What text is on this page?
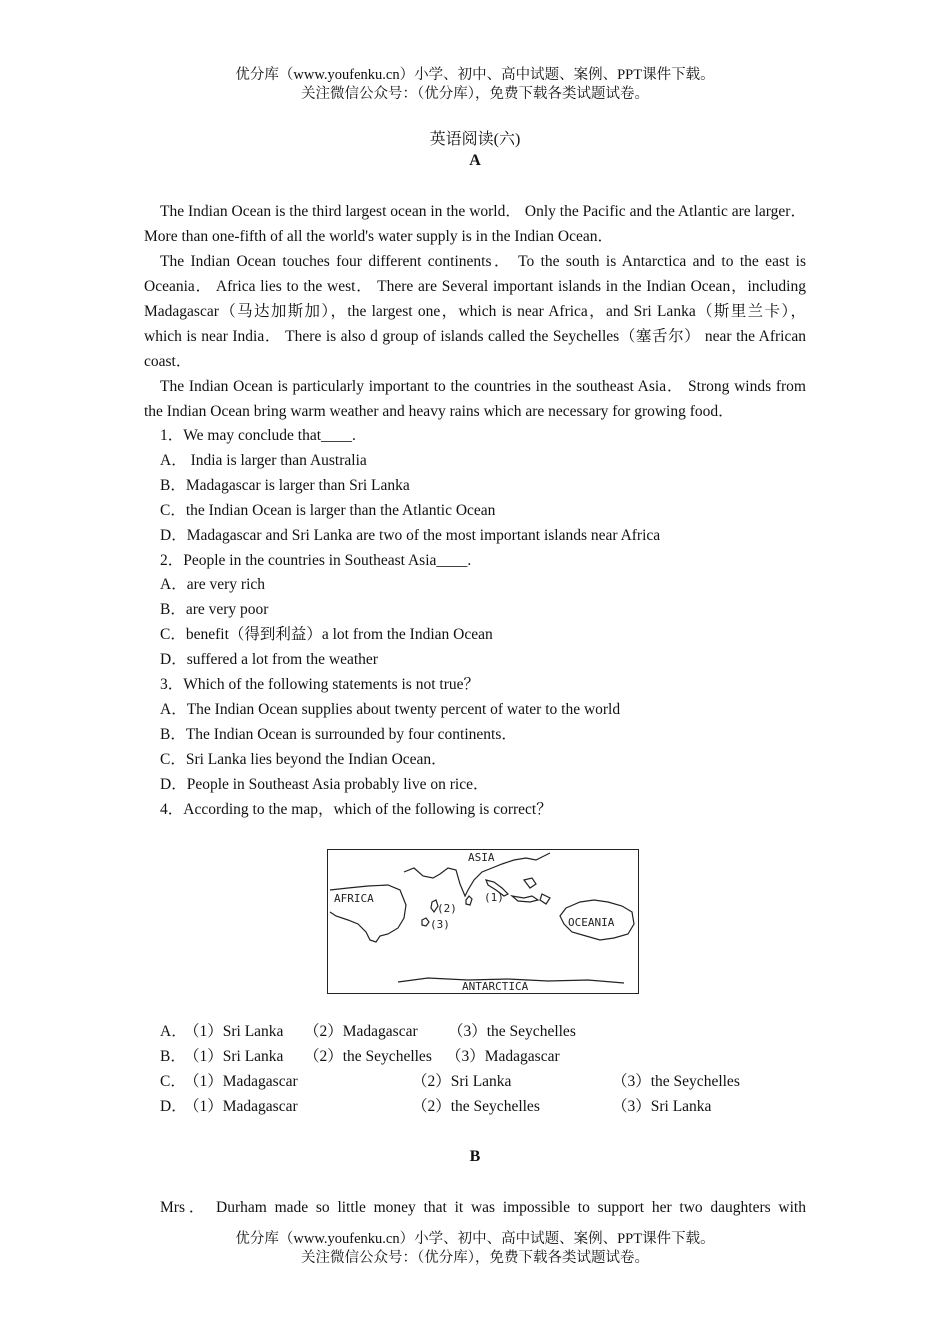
优分库（www.youfenku.cn）小学、初中、高中试题、案例、PPT课件下载。
关注微信公众号：（优分库），免费下载各类试题试卷。
英语阅读(六)
A

The Indian Ocean is the third largest ocean in the world． Only the Pacific and the Atlantic are larger． More than one-fifth of all the world's water supply is in the Indian Ocean．

The Indian Ocean touches four different continents． To the south is Antarctica and to the east is Oceania． Africa lies to the west． There are Several important islands in the Indian Ocean，including Madagascar（马达加斯加），the largest one，which is near Africa，and Sri Lanka（斯里兰卡）， which is near India． There is also d group of islands called the Seychelles（塞舌尔） near the African coast．

The Indian Ocean is particularly important to the countries in the southeast Asia． Strong winds from the Indian Ocean bring warm weather and heavy rains which are necessary for growing food．

1．We may conclude that____.

A． India is larger than Australia

B．Madagascar is larger than Sri Lanka

C．the Indian Ocean is larger than the Atlantic Ocean

D．Madagascar and Sri Lanka are two of the most important islands near Africa

2．People in the countries in Southeast Asia____.

A．are very rich

B．are very poor

C．benefit（得到利益）a lot from the Indian Ocean

D．suffered a lot from the weather

3．Which of the following statements is not true？

A．The Indian Ocean supplies about twenty percent of water to the world

B．The Indian Ocean is surrounded by four continents．

C．Sri Lanka lies beyond the Indian Ocean．

D．People in Southeast Asia probably live on rice．

4．According to the map，which of the following is correct？

ASIA
AFRICA
OCEANIA
ANTARCTICA
(1)
(2)
(3)
A．
（1）Sri Lanka （2）Madagascar （3）the Seychelles
B．
（1）Sri Lanka （2）the Seychelles （3）Madagascar
C．
（1）Madagascar	（2）Sri Lanka	（3）the Seychelles
D．
（1）Madagascar	（2）the Seychelles	（3）Sri Lanka
B

Mrs． Durham made so little money that it was impossible to support her two daughters with

优分库（www.youfenku.cn）小学、初中、高中试题、案例、PPT课件下载。
关注微信公众号：（优分库），免费下载各类试题试卷。
